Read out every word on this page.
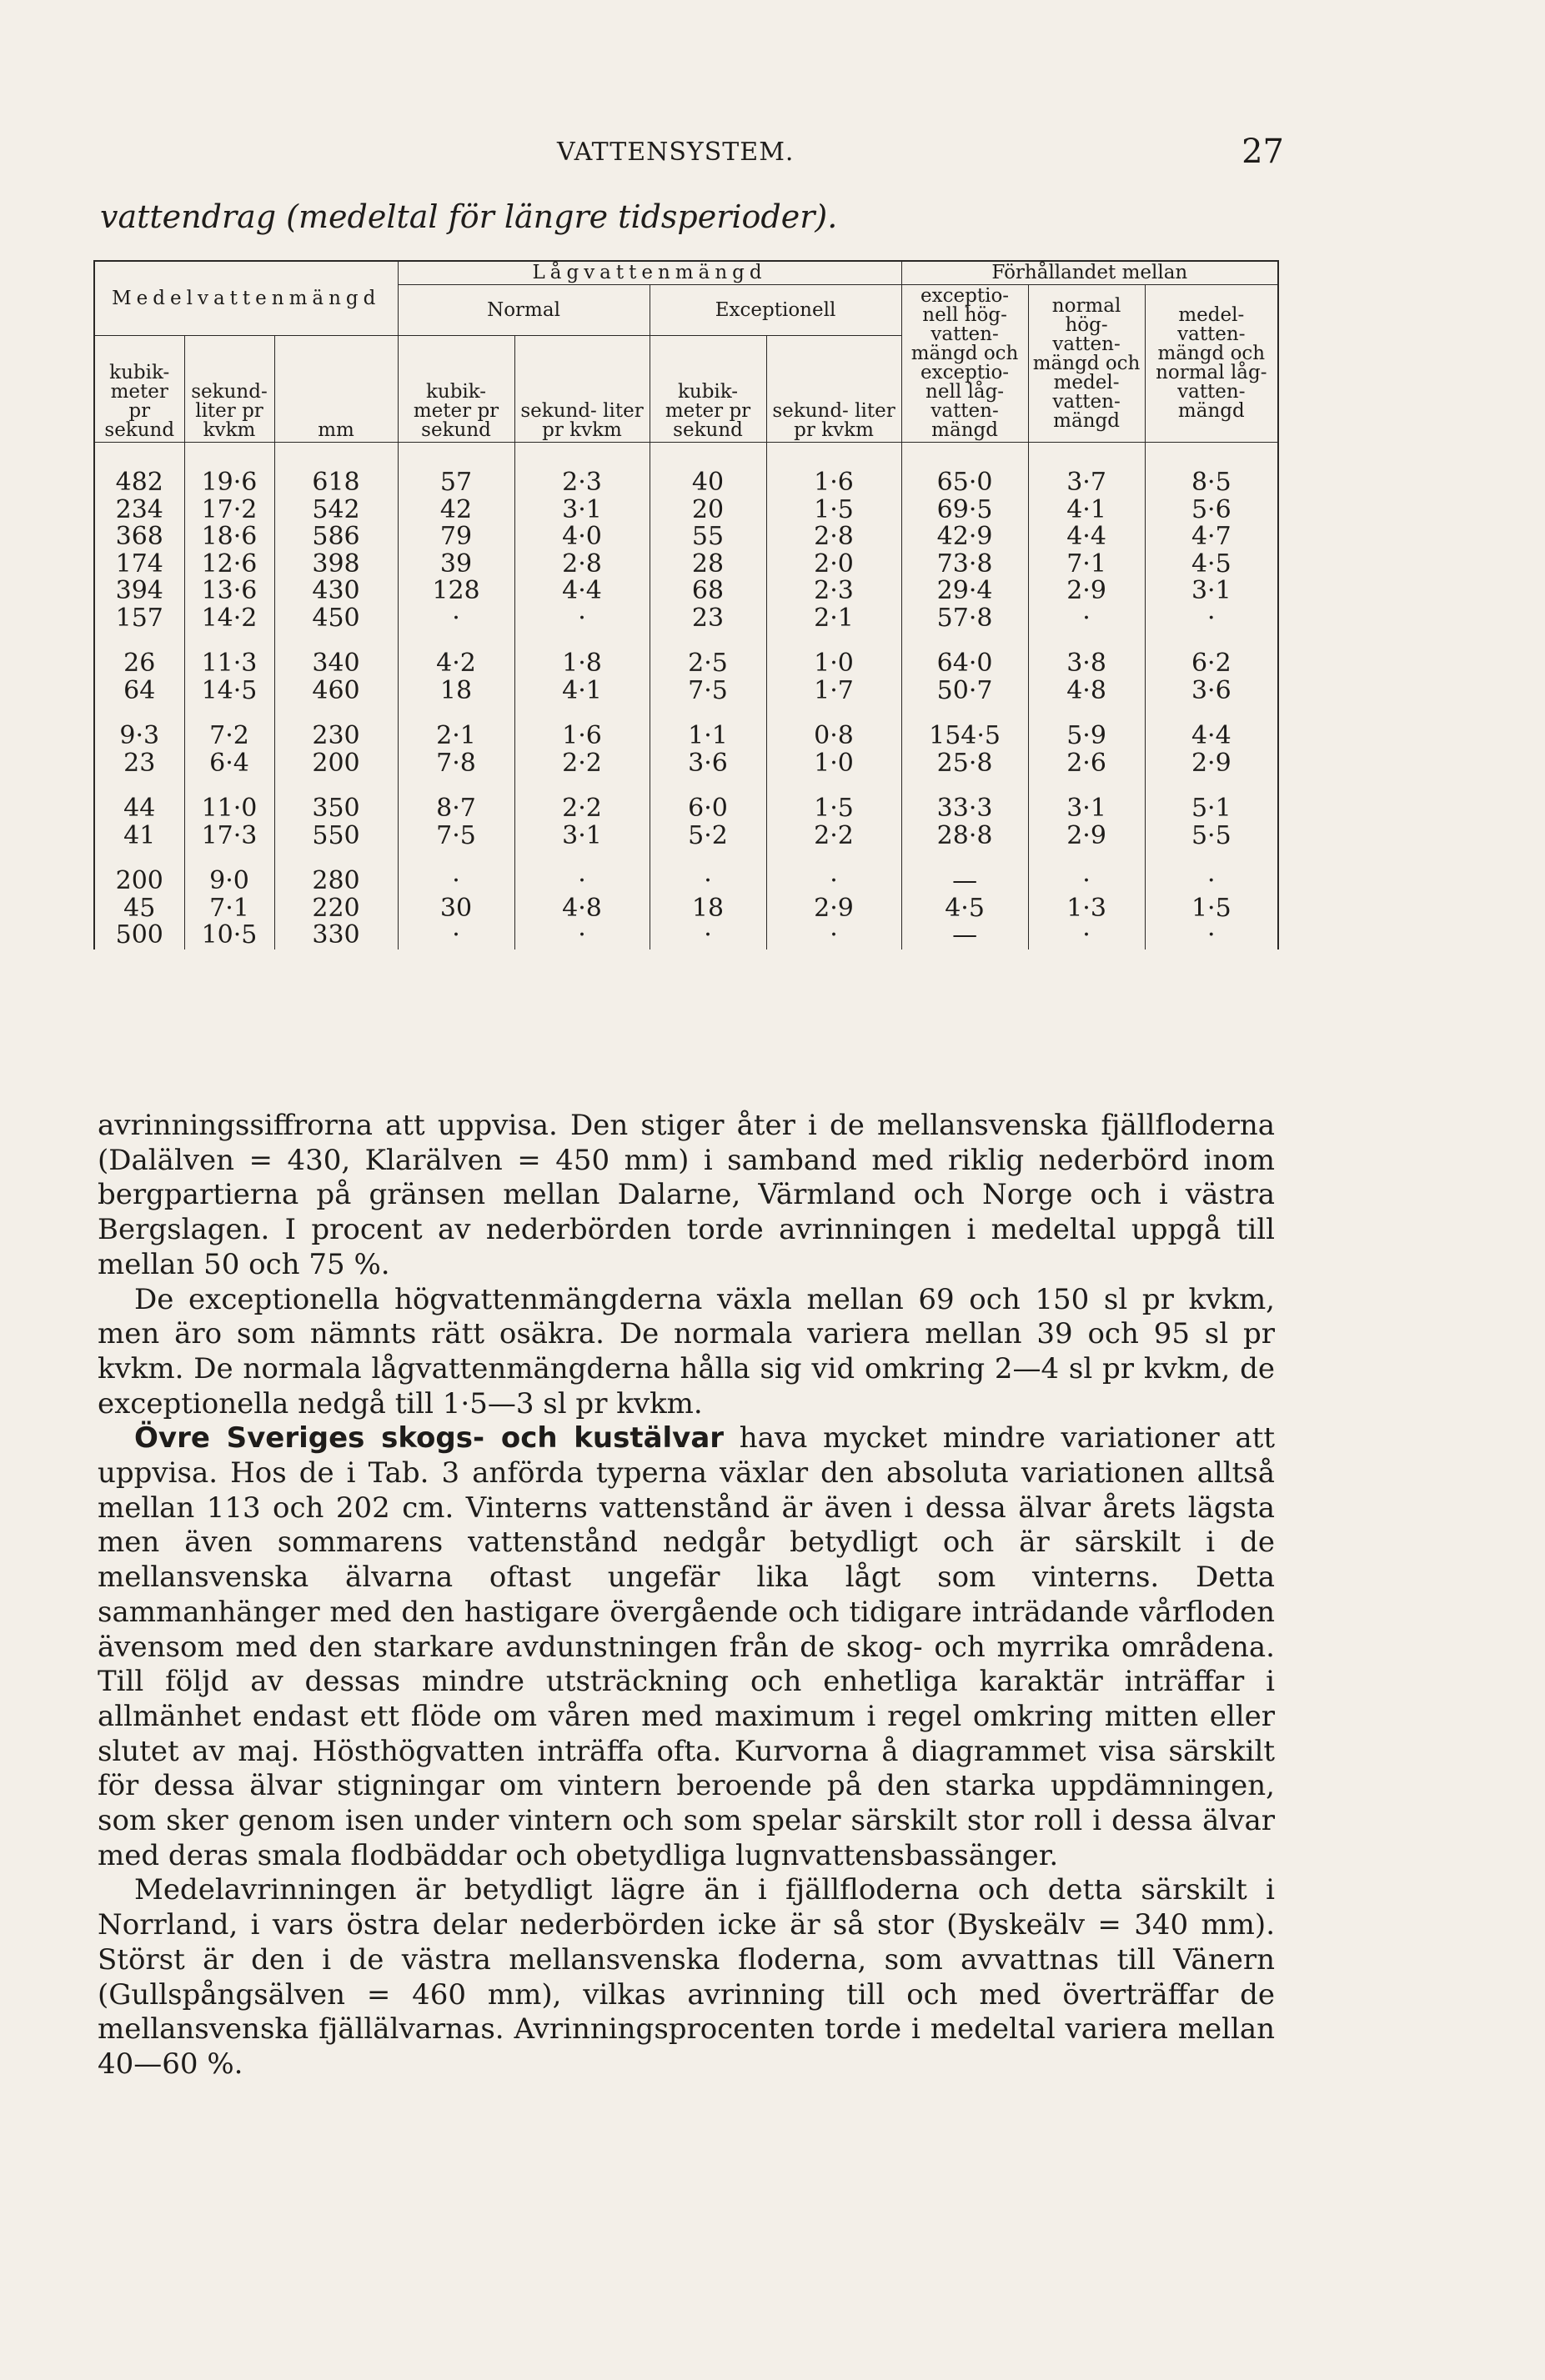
VATTENSYSTEM.	27
vattendrag (medeltal för längre tidsperioder).
Medelvattenmängd			Lågvattenmängd				Förhållandet mellan		
			Normal		Exceptionell		exceptio- nell hög- vatten- mängd och exceptio- nell låg- vatten- mängd	normal hög- vatten- mängd och medel- vatten- mängd	medel- vatten- mängd och normal låg- vatten- mängd
kubik- meter pr sekund	sekund- liter pr kvkm	mm	kubik- meter pr sekund	sekund- liter pr kvkm	kubik- meter pr sekund	sekund- liter pr kvkm			

482	19·6	618	57	2·3	40	1·6	65·0	3·7	8·5
234	17·2	542	42	3·1	20	1·5	69·5	4·1	5·6
368	18·6	586	79	4·0	55	2·8	42·9	4·4	4·7
174	12·6	398	39	2·8	28	2·0	73·8	7·1	4·5
394	13·6	430	128	4·4	68	2·3	29·4	2·9	3·1
157	14·2	450	·	·	23	2·1	57·8	·	·

26	11·3	340	4·2	1·8	2·5	1·0	64·0	3·8	6·2
64	14·5	460	18	4·1	7·5	1·7	50·7	4·8	3·6

9·3	7·2	230	2·1	1·6	1·1	0·8	154·5	5·9	4·4
23	6·4	200	7·8	2·2	3·6	1·0	25·8	2·6	2·9

44	11·0	350	8·7	2·2	6·0	1·5	33·3	3·1	5·1
41	17·3	550	7·5	3·1	5·2	2·2	28·8	2·9	5·5

200	9·0	280	·	·	·	·	—	·	·
45	7·1	220	30	4·8	18	2·9	4·5	1·3	1·5
500	10·5	330	·	·	·	·	—	·	·

avrinningssiffrorna att uppvisa. Den stiger åter i de mellansvenska fjällfloderna (Dalälven = 430, Klarälven = 450 mm) i samband med riklig nederbörd inom bergpartierna på gränsen mellan Dalarne, Värmland och Norge och i västra Bergslagen. I procent av nederbörden torde avrinningen i medeltal uppgå till mellan 50 och 75 %.

De exceptionella högvattenmängderna växla mellan 69 och 150 sl pr kvkm, men äro som nämnts rätt osäkra. De normala variera mellan 39 och 95 sl pr kvkm. De normala lågvattenmängderna hålla sig vid omkring 2—4 sl pr kvkm, de exceptionella nedgå till 1·5—3 sl pr kvkm.

Övre Sveriges skogs- och kustälvar hava mycket mindre variationer att uppvisa. Hos de i Tab. 3 anförda typerna växlar den absoluta variationen alltså mellan 113 och 202 cm. Vinterns vattenstånd är även i dessa älvar årets lägsta men även sommarens vattenstånd nedgår betydligt och är särskilt i de mellansvenska älvarna oftast ungefär lika lågt som vinterns. Detta sammanhänger med den hastigare övergående och tidigare inträdande vårfloden ävensom med den starkare avdunstningen från de skog- och myrrika områdena. Till följd av dessas mindre utsträckning och enhetliga karaktär inträffar i allmänhet endast ett flöde om våren med maximum i regel omkring mitten eller slutet av maj. Hösthögvatten inträffa ofta. Kurvorna å diagrammet visa särskilt för dessa älvar stigningar om vintern beroende på den starka uppdämningen, som sker genom isen under vintern och som spelar särskilt stor roll i dessa älvar med deras smala flodbäddar och obetydliga lugnvattensbassänger.

Medelavrinningen är betydligt lägre än i fjällfloderna och detta särskilt i Norrland, i vars östra delar nederbörden icke är så stor (Byskeälv = 340 mm). Störst är den i de västra mellansvenska floderna, som avvattnas till Vänern (Gullspångsälven = 460 mm), vilkas avrinning till och med överträffar de mellansvenska fjällälvarnas. Avrinningsprocenten torde i medeltal variera mellan 40—60 %.
